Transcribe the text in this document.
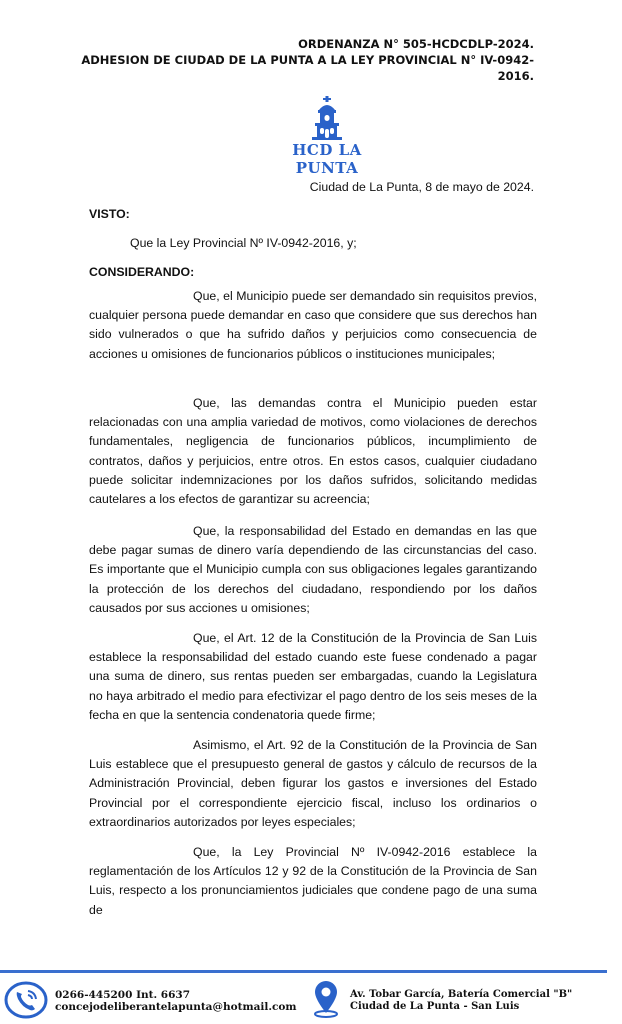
ORDENANZA N° 505-HCDCDLP-2024.
ADHESION DE CIUDAD DE LA PUNTA A LA LEY PROVINCIAL N° IV-0942-
2016.
HCD LA PUNTA
Ciudad de La Punta, 8 de mayo de 2024.

VISTO:

Que la Ley Provincial Nº IV-0942-2016, y;

CONSIDERANDO:

Que, el Municipio puede ser demandado sin requisitos previos, cualquier persona puede demandar en caso que considere que sus derechos han sido vulnerados o que ha sufrido daños y perjuicios como consecuencia de acciones u omisiones de funcionarios públicos o instituciones municipales;

Que, las demandas contra el Municipio pueden estar relacionadas con una amplia variedad de motivos, como violaciones de derechos fundamentales, negligencia de funcionarios públicos, incumplimiento de contratos, daños y perjuicios, entre otros. En estos casos, cualquier ciudadano puede solicitar indemnizaciones por los daños sufridos, solicitando medidas cautelares a los efectos de garantizar su acreencia;

Que, la responsabilidad del Estado en demandas en las que debe pagar sumas de dinero varía dependiendo de las circunstancias del caso. Es importante que el Municipio cumpla con sus obligaciones legales garantizando la protección de los derechos del ciudadano, respondiendo por los daños causados por sus acciones u omisiones;

Que, el Art. 12 de la Constitución de la Provincia de San Luis establece la responsabilidad del estado cuando este fuese condenado a pagar una suma de dinero, sus rentas pueden ser embargadas, cuando la Legislatura no haya arbitrado el medio para efectivizar el pago dentro de los seis meses de la fecha en que la sentencia condenatoria quede firme;

Asimismo, el Art. 92 de la Constitución de la Provincia de San Luis establece que el presupuesto general de gastos y cálculo de recursos de la Administración Provincial, deben figurar los gastos e inversiones del Estado Provincial por el correspondiente ejercicio fiscal, incluso los ordinarios o extraordinarios autorizados por leyes especiales;

Que, la Ley Provincial Nº IV-0942-2016 establece la reglamentación de los Artículos 12 y 92 de la Constitución de la Provincia de San Luis, respecto a los pronunciamientos judiciales que condene pago de una suma de

0266-445200 Int. 6637
concejodeliberantelapunta@hotmail.com
Av. Tobar García, Batería Comercial "B"
Ciudad de La Punta - San Luis
